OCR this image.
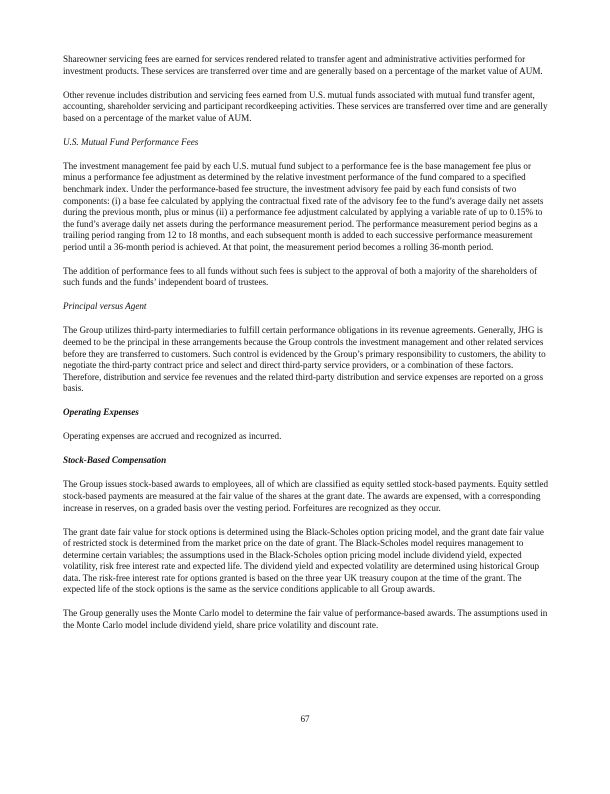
Shareowner servicing fees are earned for services rendered related to transfer agent and administrative activities performed for investment products. These services are transferred over time and are generally based on a percentage of the market value of AUM.

Other revenue includes distribution and servicing fees earned from U.S. mutual funds associated with mutual fund transfer agent, accounting, shareholder servicing and participant recordkeeping activities. These services are transferred over time and are generally based on a percentage of the market value of AUM.

U.S. Mutual Fund Performance Fees

The investment management fee paid by each U.S. mutual fund subject to a performance fee is the base management fee plus or minus a performance fee adjustment as determined by the relative investment performance of the fund compared to a specified benchmark index. Under the performance-based fee structure, the investment advisory fee paid by each fund consists of two components: (i) a base fee calculated by applying the contractual fixed rate of the advisory fee to the fund’s average daily net assets during the previous month, plus or minus (ii) a performance fee adjustment calculated by applying a variable rate of up to 0.15% to the fund’s average daily net assets during the performance measurement period. The performance measurement period begins as a trailing period ranging from 12 to 18 months, and each subsequent month is added to each successive performance measurement period until a 36-month period is achieved. At that point, the measurement period becomes a rolling 36-month period.

The addition of performance fees to all funds without such fees is subject to the approval of both a majority of the shareholders of such funds and the funds’ independent board of trustees.

Principal versus Agent

The Group utilizes third-party intermediaries to fulfill certain performance obligations in its revenue agreements. Generally, JHG is deemed to be the principal in these arrangements because the Group controls the investment management and other related services before they are transferred to customers. Such control is evidenced by the Group’s primary responsibility to customers, the ability to negotiate the third-party contract price and select and direct third-party service providers, or a combination of these factors. Therefore, distribution and service fee revenues and the related third-party distribution and service expenses are reported on a gross basis.

Operating Expenses

Operating expenses are accrued and recognized as incurred.

Stock-Based Compensation

The Group issues stock-based awards to employees, all of which are classified as equity settled stock-based payments. Equity settled stock-based payments are measured at the fair value of the shares at the grant date. The awards are expensed, with a corresponding increase in reserves, on a graded basis over the vesting period. Forfeitures are recognized as they occur.

The grant date fair value for stock options is determined using the Black-Scholes option pricing model, and the grant date fair value of restricted stock is determined from the market price on the date of grant. The Black-Scholes model requires management to determine certain variables; the assumptions used in the Black-Scholes option pricing model include dividend yield, expected volatility, risk free interest rate and expected life. The dividend yield and expected volatility are determined using historical Group data. The risk-free interest rate for options granted is based on the three year UK treasury coupon at the time of the grant. The expected life of the stock options is the same as the service conditions applicable to all Group awards.

The Group generally uses the Monte Carlo model to determine the fair value of performance-based awards. The assumptions used in the Monte Carlo model include dividend yield, share price volatility and discount rate.

67
